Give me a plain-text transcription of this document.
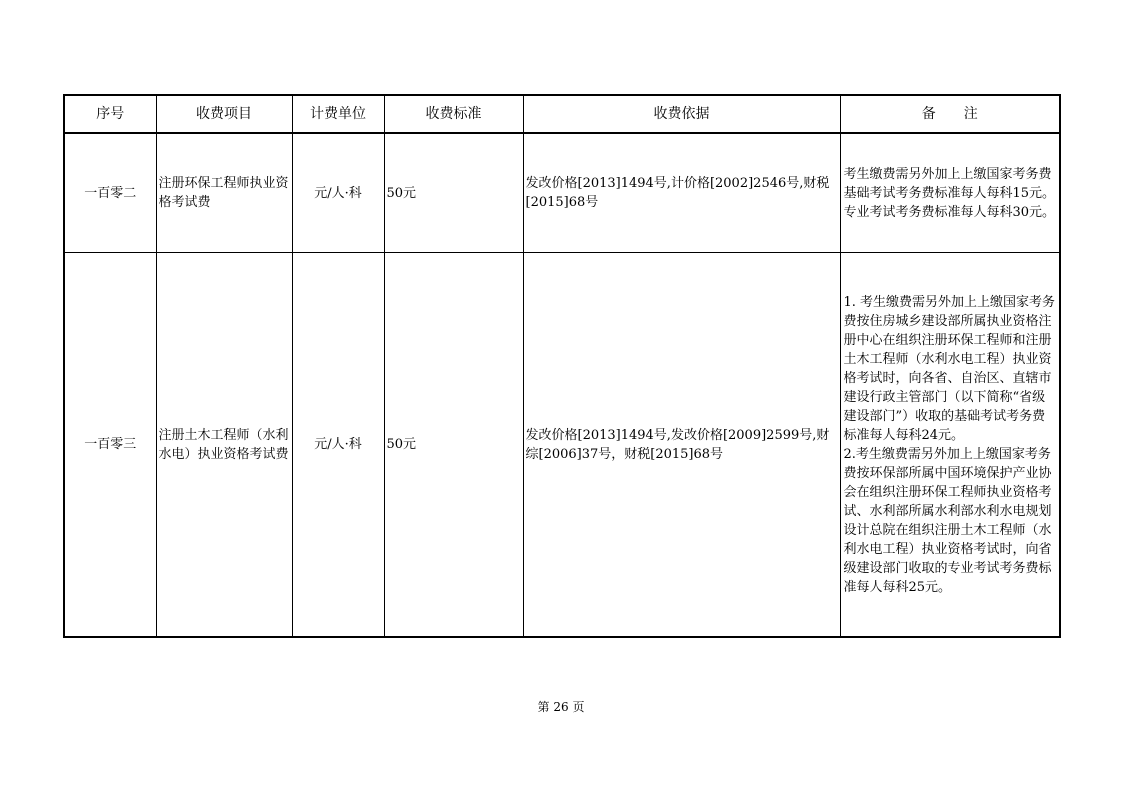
序号	收费项目	计费单位	收费标准	收费依据	备　　注
一百零二	注册环保工程师执业资格考试费	元/人·科	50元	发改价格[2013]1494号,计价格[2002]2546号,财税[2015]68号	考生缴费需另外加上上缴国家考务费基础考试考务费标准每人每科15元。
专业考试考务费标准每人每科30元。

一百零三	注册土木工程师（水利水电）执业资格考试费	元/人·科	50元	发改价格[2013]1494号,发改价格[2009]2599号,财综[2006]37号，财税[2015]68号	1. 考生缴费需另外加上上缴国家考务费按住房城乡建设部所属执业资格注册中心在组织注册环保工程师和注册土木工程师（水利水电工程）执业资格考试时，向各省、自治区、直辖市建设行政主管部门（以下简称“省级建设部门”）收取的基础考试考务费标准每人每科24元。
2.考生缴费需另外加上上缴国家考务费按环保部所属中国环境保护产业协会在组织注册环保工程师执业资格考试、水利部所属水利部水利水电规划设计总院在组织注册土木工程师（水利水电工程）执业资格考试时，向省级建设部门收取的专业考试考务费标准每人每科25元。
第 26 页
